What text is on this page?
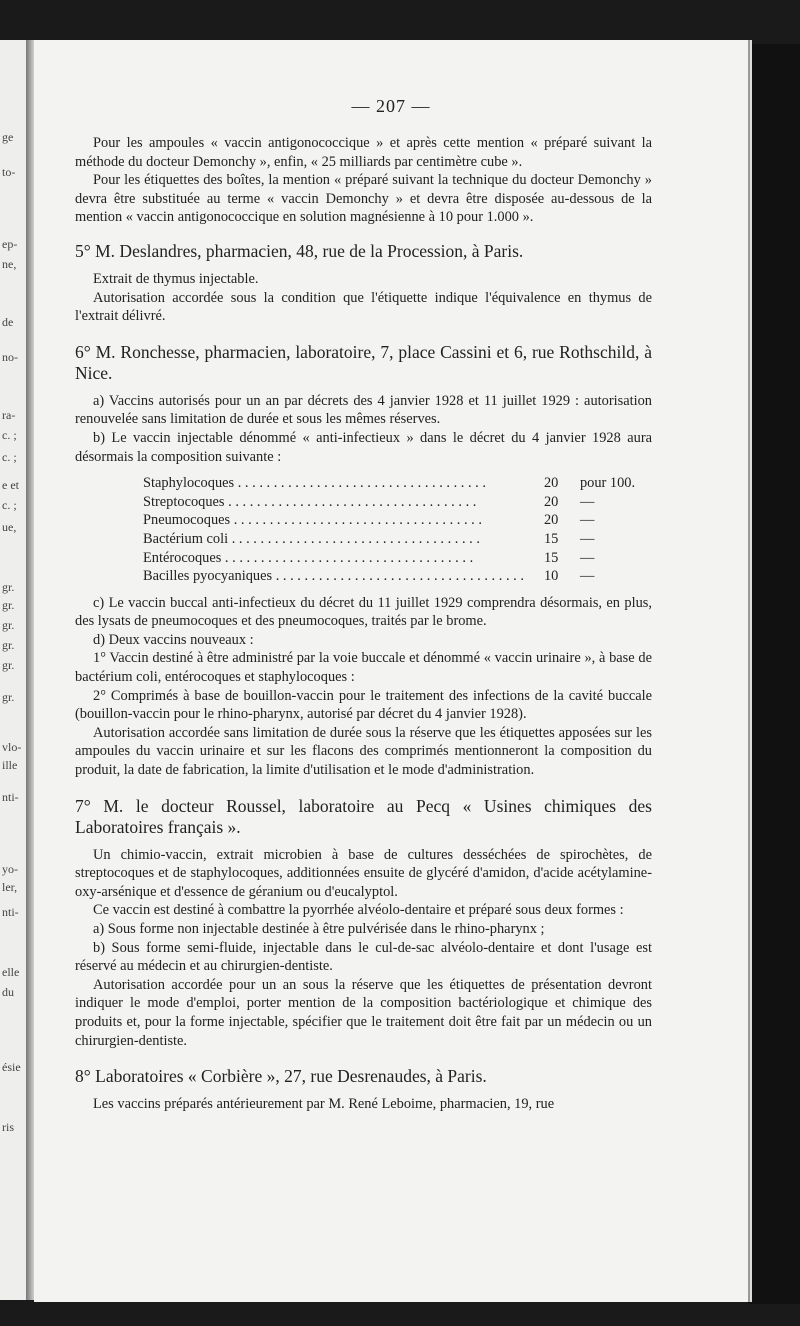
ge
to-
ep-
ne,
de
no-
ra-
c. ;
c. ;
e et
c. ;
ue,
gr.
gr.
gr.
gr.
gr.
gr.
vlo-
ille
nti-
yo-
ler,
nti-
elle
du
ésie
ris
— 207 —

Pour les ampoules « vaccin antigonococcique » et après cette mention « préparé suivant la méthode du docteur Demonchy », enfin, « 25 milliards par centimètre cube ».

Pour les étiquettes des boîtes, la mention « préparé suivant la technique du docteur Demonchy » devra être substituée au terme « vaccin Demonchy » et devra être disposée au-dessous de la mention « vaccin antigonococcique en solution magnésienne à 10 pour 1.000 ».

5° M. Deslandres, pharmacien, 48, rue de la Procession, à Paris.

Extrait de thymus injectable.

Autorisation accordée sous la condition que l'étiquette indique l'équivalence en thymus de l'extrait délivré.

6° M. Ronchesse, pharmacien, laboratoire, 7, place Cassini et 6, rue Rothschild, à Nice.

a) Vaccins autorisés pour un an par décrets des 4 janvier 1928 et 11 juillet 1929 : autorisation renouvelée sans limitation de durée et sous les mêmes réserves.

b) Le vaccin injectable dénommé « anti-infectieux » dans le décret du 4 janvier 1928 aura désormais la composition suivante :

Staphylocoques . . .	20	pour 100.
Streptocoques . . .	20	—
Pneumocoques . . .	20	—
Bactérium coli . . .	15	—
Entérocoques . . .	15	—
Bacilles pyocyaniques . . .	10	—

c) Le vaccin buccal anti-infectieux du décret du 11 juillet 1929 comprendra désormais, en plus, des lysats de pneumocoques et des pneumocoques, traités par le brome.

d) Deux vaccins nouveaux :

1° Vaccin destiné à être administré par la voie buccale et dénommé « vaccin urinaire », à base de bactérium coli, entérocoques et staphylocoques :

2° Comprimés à base de bouillon-vaccin pour le traitement des infections de la cavité buccale (bouillon-vaccin pour le rhino-pharynx, autorisé par décret du 4 janvier 1928).

Autorisation accordée sans limitation de durée sous la réserve que les étiquettes apposées sur les ampoules du vaccin urinaire et sur les flacons des comprimés mentionneront la composition du produit, la date de fabrication, la limite d'utilisation et le mode d'administration.

7° M. le docteur Roussel, laboratoire au Pecq « Usines chimiques des Laboratoires français ».

Un chimio-vaccin, extrait microbien à base de cultures desséchées de spirochètes, de streptocoques et de staphylocoques, additionnées ensuite de glycéré d'amidon, d'acide acétylamine-oxy-arsénique et d'essence de géranium ou d'eucalyptol.

Ce vaccin est destiné à combattre la pyorrhée alvéolo-dentaire et préparé sous deux formes :

a) Sous forme non injectable destinée à être pulvérisée dans le rhino-pharynx ;

b) Sous forme semi-fluide, injectable dans le cul-de-sac alvéolo-dentaire et dont l'usage est réservé au médecin et au chirurgien-dentiste.

Autorisation accordée pour un an sous la réserve que les étiquettes de présentation devront indiquer le mode d'emploi, porter mention de la composition bactériologique et chimique des produits et, pour la forme injectable, spécifier que le traitement doit être fait par un médecin ou un chirurgien-dentiste.

8° Laboratoires « Corbière », 27, rue Desrenaudes, à Paris.

Les vaccins préparés antérieurement par M. René Leboime, pharmacien, 19, rue
